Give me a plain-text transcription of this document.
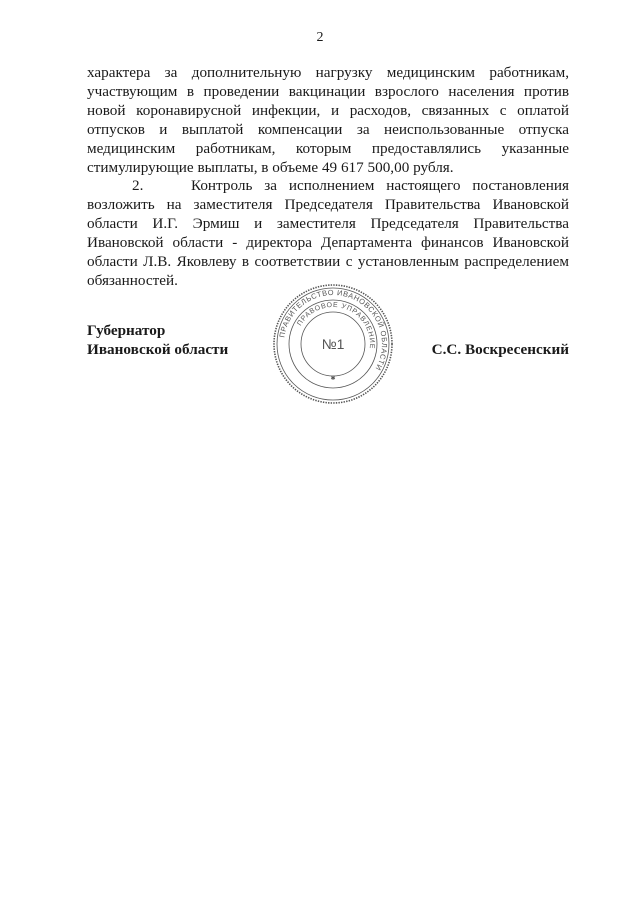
2

характера за дополнительную нагрузку медицинским работникам, участвующим в проведении вакцинации взрослого населения против новой коронавирусной инфекции, и расходов, связанных с оплатой отпусков и выплатой компенсации за неиспользованные отпуска медицинским работникам, которым предоставлялись указанные стимулирующие выплаты, в объеме 49 617 500,00 рубля.

2.    Контроль за исполнением настоящего постановления возложить на заместителя Председателя Правительства Ивановской области И.Г. Эрмиш и заместителя Председателя Правительства Ивановской области - директора Департамента финансов Ивановской области Л.В. Яковлеву в соответствии с установленным распределением обязанностей.

Губернатор
Ивановской области
ПРАВИТЕЛЬСТВО ИВАНОВСКОЙ ОБЛАСТИ
ПРАВОВОЕ УПРАВЛЕНИЕ
№1
✱
С.С. Воскресенский
